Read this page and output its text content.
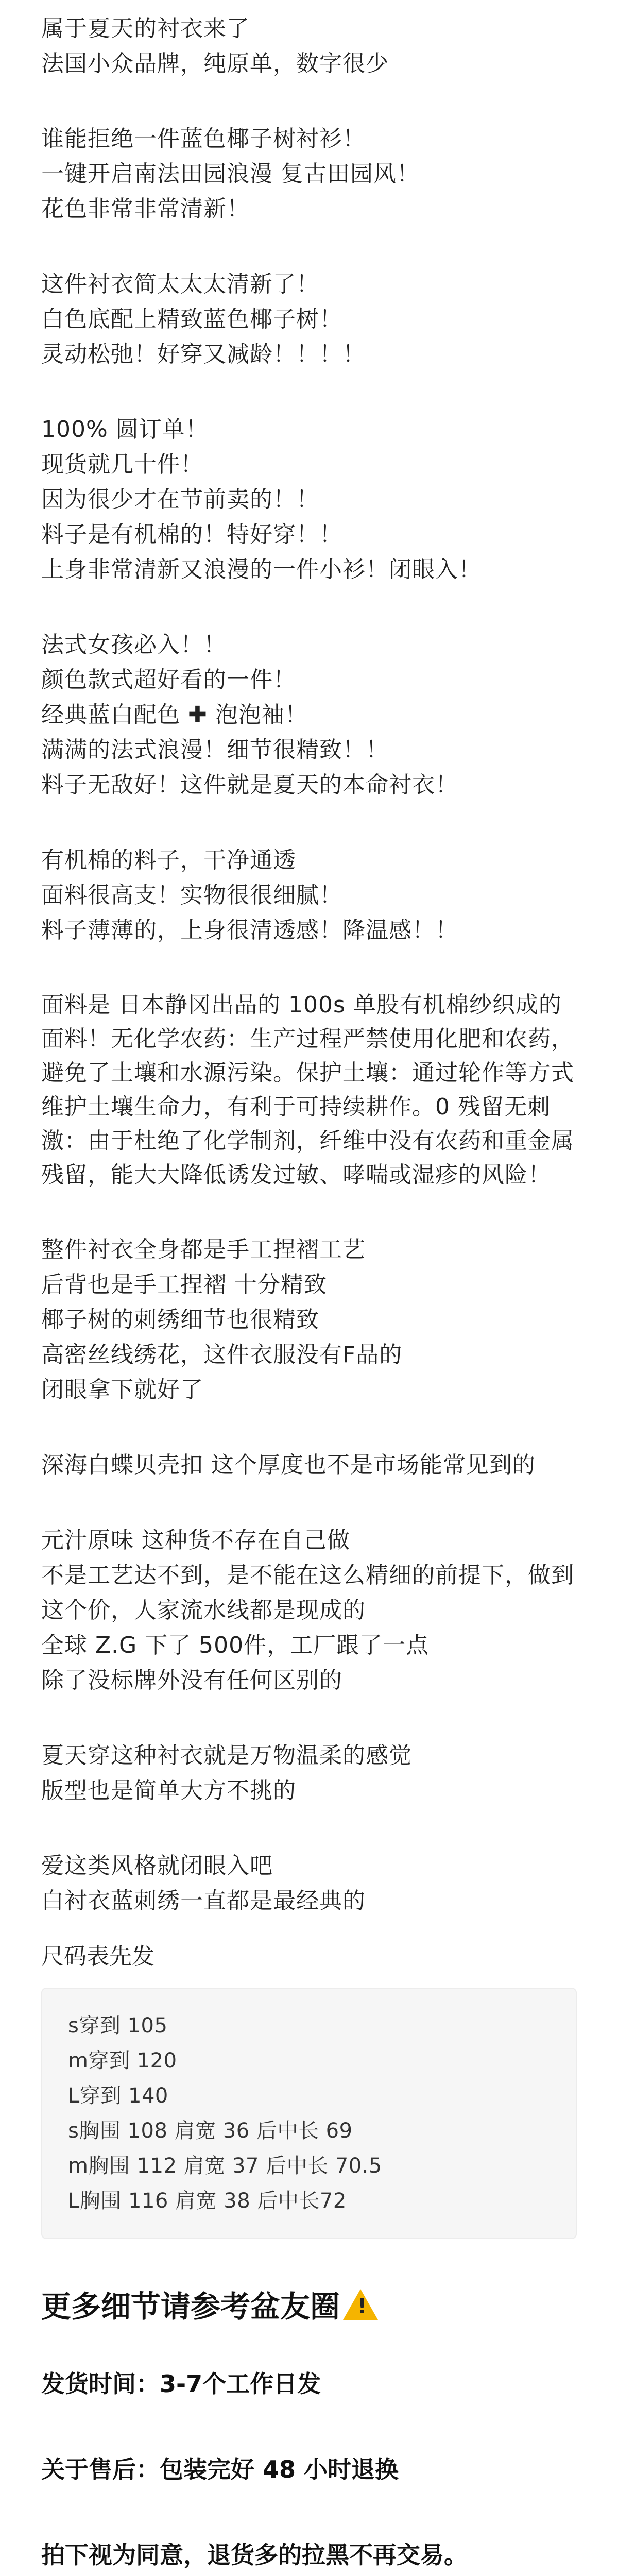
属于夏天的衬衣来了
法国小众品牌，纯原单，数字很少
谁能拒绝一件蓝色椰子树衬衫！
一键开启南法田园浪漫 复古田园风！
花色非常非常清新！
这件衬衣简太太太清新了！
白色底配上精致蓝色椰子树！
灵动松弛！好穿又减龄！！！！
100% 圆订单！
现货就几十件！
因为很少才在节前卖的！！
料子是有机棉的！特好穿！！
上身非常清新又浪漫的一件小衫！闭眼入！
法式女孩必入！！
颜色款式超好看的一件！
经典蓝白配色 ✚ 泡泡袖！
满满的法式浪漫！细节很精致！！
料子无敌好！这件就是夏天的本命衬衣！
有机棉的料子，干净通透
面料很高支！实物很很细腻！
料子薄薄的，上身很清透感！降温感！！
面料是 日本静冈出品的 100s 单股有机棉纱织成的面料！无化学农药：生产过程严禁使用化肥和农药，避免了土壤和水源污染。保护土壤：通过轮作等方式维护土壤生命力，有利于可持续耕作。0 残留无刺激：由于杜绝了化学制剂，纤维中没有农药和重金属残留，能大大降低诱发过敏、哮喘或湿疹的风险！
整件衬衣全身都是手工捏褶工艺
后背也是手工捏褶 十分精致
椰子树的刺绣细节也很精致
高密丝线绣花，这件衣服没有F品的
闭眼拿下就好了
深海白蝶贝壳扣 这个厚度也不是市场能常见到的
元汁原味 这种货不存在自己做
不是工艺达不到，是不能在这么精细的前提下，做到这个价，人家流水线都是现成的
全球 Z.G 下了 500件，工厂跟了一点
除了没标牌外没有任何区别的
夏天穿这种衬衣就是万物温柔的感觉
版型也是简单大方不挑的
爱这类风格就闭眼入吧
白衬衣蓝刺绣一直都是最经典的
尺码表先发
s穿到 105
m穿到 120
L穿到 140
s胸围 108 肩宽 36 后中长 69
m胸围 112 肩宽 37 后中长 70.5
L胸围 116 肩宽 38 后中长72
更多细节请参考盆友圈 !
发货时间：3-7个工作日发
关于售后：包装完好 48 小时退换
拍下视为同意，退货多的拉黑不再交易。
